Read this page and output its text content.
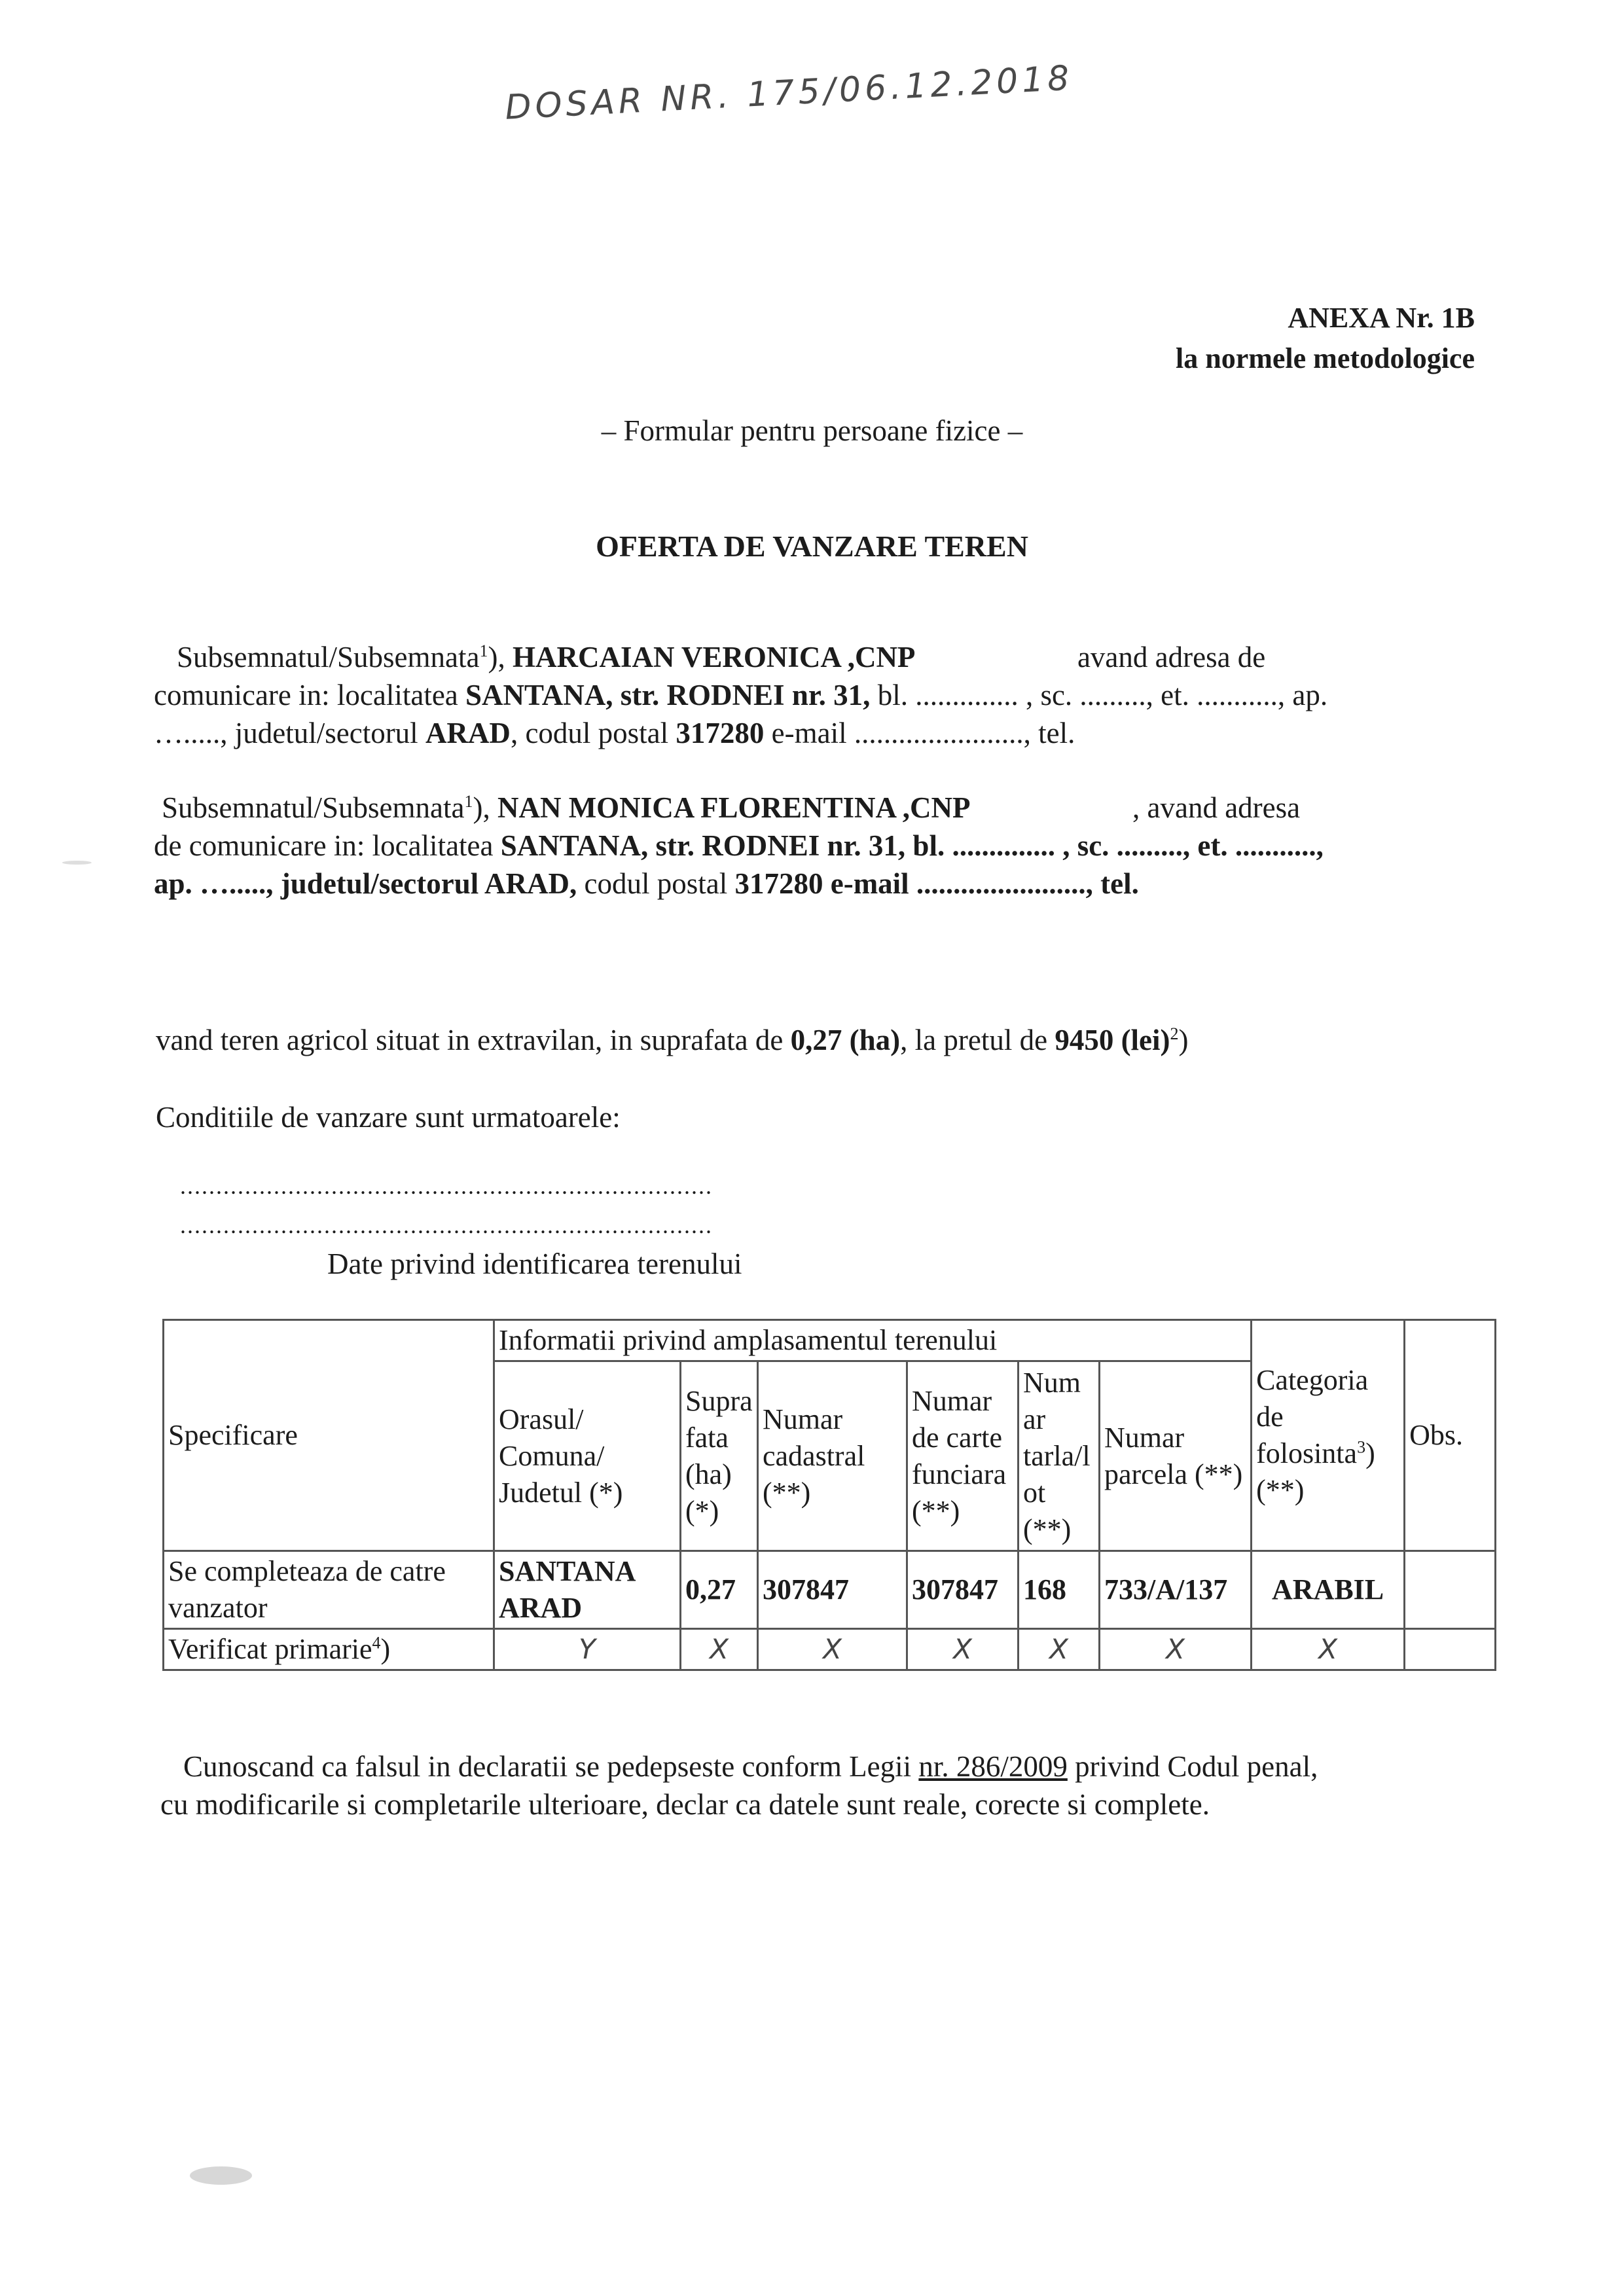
DOSAR NR. 175/06.12.2018
ANEXA Nr. 1B
la normele metodologice
– Formular pentru persoane fizice –
OFERTA DE VANZARE TEREN
Subsemnatul/Subsemnata$^1$), HARCAIAN VERONICA ,CNP	avand adresa de
comunicare in: localitatea SANTANA, str. RODNEI nr. 31, bl. .............. , sc. ........., et. ..........., ap.
…....., judetul/sectorul ARAD, codul postal 317280 e-mail ......................., tel.
Subsemnatul/Subsemnata$^1$), NAN MONICA FLORENTINA ,CNP	, avand adresa
de comunicare in: localitatea SANTANA, str. RODNEI nr. 31, bl. .............. , sc. ........., et. ...........,
ap. …....., judetul/sectorul ARAD, codul postal 317280 e-mail ......................., tel.
vand teren agricol situat in extravilan, in suprafata de 0,27 (ha), la pretul de 9450 (lei)$^2$)
Conditiile de vanzare sunt urmatoarele:
..........................................................................
..........................................................................
Date privind identificarea terenului
Specificare	Informatii privind amplasamentul terenului						Categoria de folosinta$^3$) (**)	Obs.
	Orasul/ Comuna/ Judetul (*)	Supra fata (ha) (*)	Numar cadastral (**)	Numar de carte funciara (**)	Num ar tarla/l ot (**)	Numar parcela (**)		
Se completeaza de catre vanzator	SANTANA ARAD	0,27	307847	307847	168	733/A/137	ARABIL	
Verificat primarie$^4$)	Y	X	X	X	X	X	X	
Cunoscand ca falsul in declaratii se pedepseste conform Legii nr. 286/2009 privind Codul penal,
cu modificarile si completarile ulterioare, declar ca datele sunt reale, corecte si complete.
